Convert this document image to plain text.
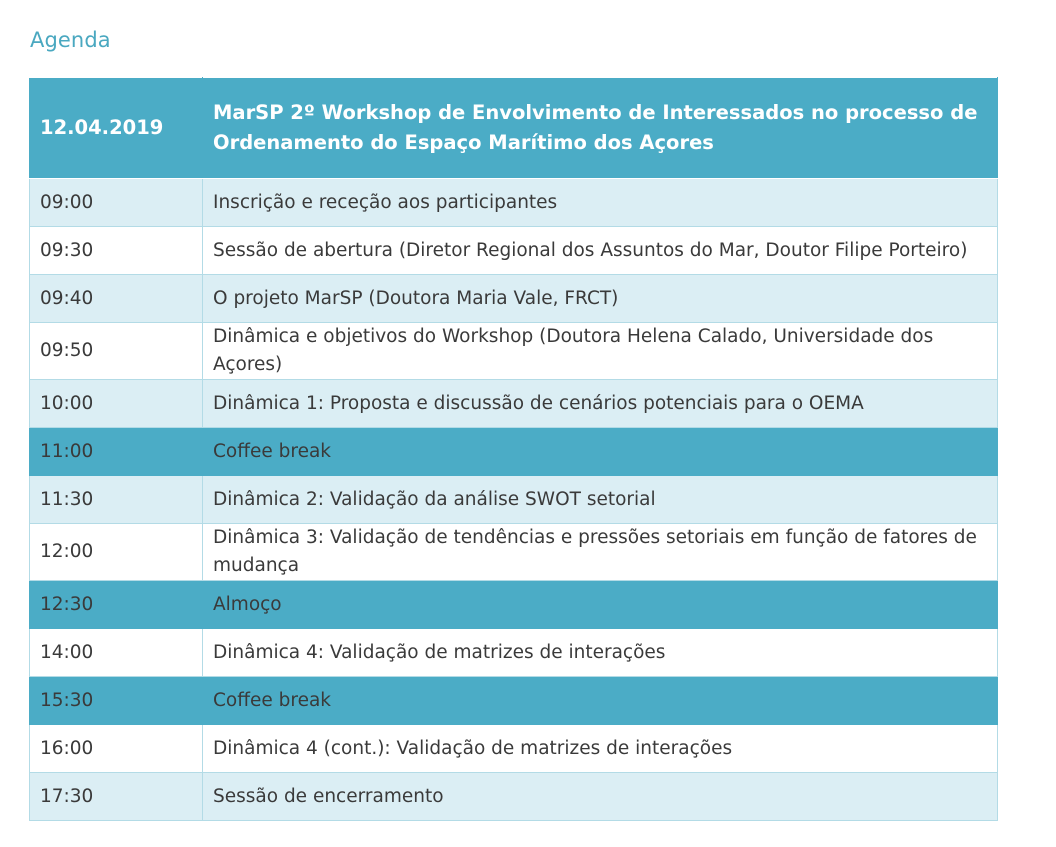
Agenda
12.04.2019	MarSP 2º Workshop de Envolvimento de Interessados no processo de Ordenamento do Espaço Marítimo dos Açores
09:00	Inscrição e receção aos participantes
09:30	Sessão de abertura (Diretor Regional dos Assuntos do Mar, Doutor Filipe Porteiro)
09:40	O projeto MarSP (Doutora Maria Vale, FRCT)
09:50	Dinâmica e objetivos do Workshop (Doutora Helena Calado, Universidade dos Açores)
10:00	Dinâmica 1: Proposta e discussão de cenários potenciais para o OEMA
11:00	Coffee break
11:30	Dinâmica 2: Validação da análise SWOT setorial
12:00	Dinâmica 3: Validação de tendências e pressões setoriais em função de fatores de mudança
12:30	Almoço
14:00	Dinâmica 4: Validação de matrizes de interações
15:30	Coffee break
16:00	Dinâmica 4 (cont.): Validação de matrizes de interações
17:30	Sessão de encerramento
